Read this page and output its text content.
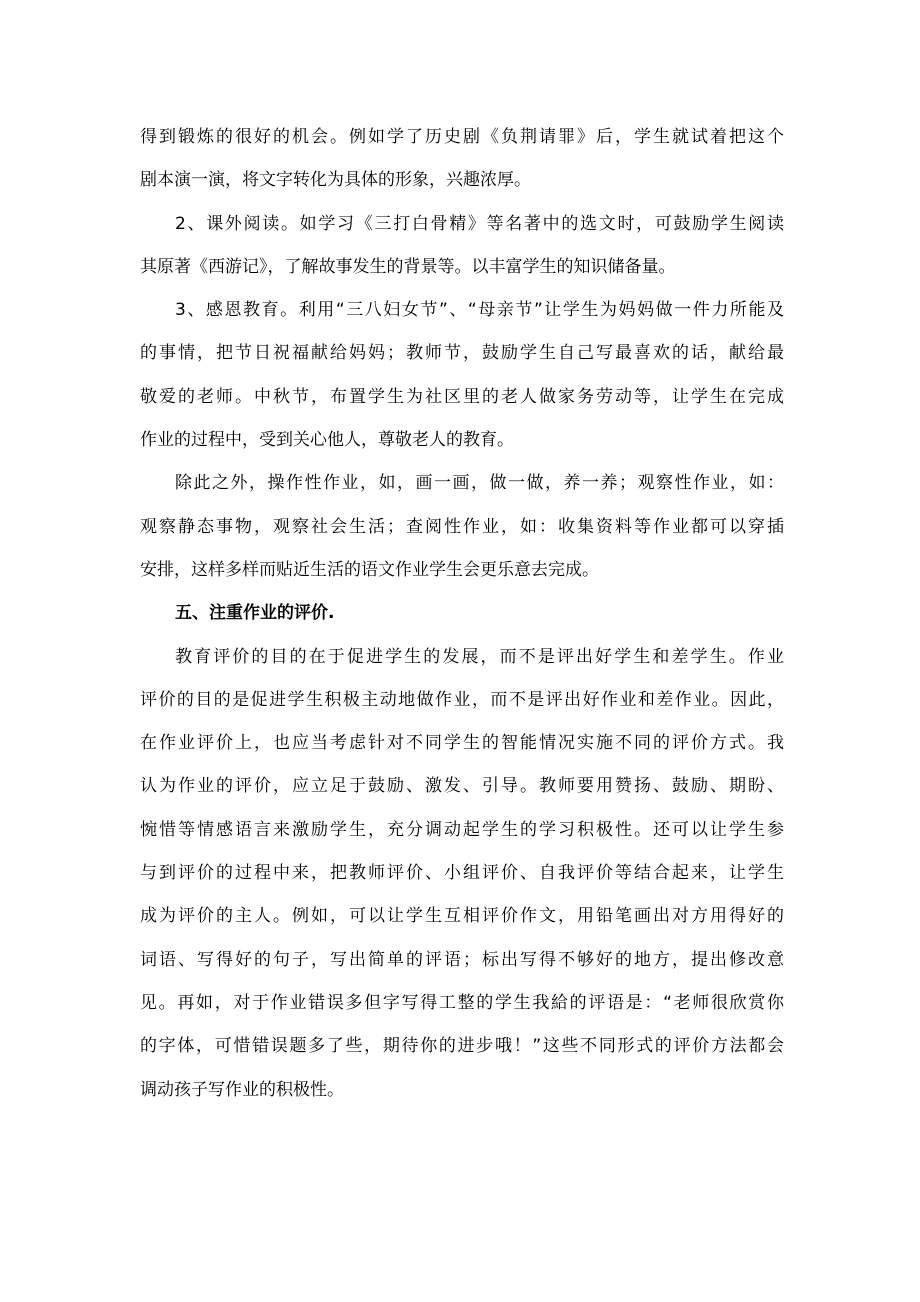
得到锻炼的很好的机会。例如学了历史剧《负荆请罪》后，学生就试着把这个
剧本演一演，将文字转化为具体的形象，兴趣浓厚。
2、课外阅读。如学习《三打白骨精》等名著中的选文时，可鼓励学生阅读
其原著《西游记》，了解故事发生的背景等。以丰富学生的知识储备量。
3、感恩教育。利用“三八妇女节”、“母亲节”让学生为妈妈做一件力所能及
的事情，把节日祝福献给妈妈；教师节，鼓励学生自己写最喜欢的话，献给最
敬爱的老师。中秋节，布置学生为社区里的老人做家务劳动等，让学生在完成
作业的过程中，受到关心他人，尊敬老人的教育。
除此之外，操作性作业，如，画一画，做一做，养一养；观察性作业，如：
观察静态事物，观察社会生活；查阅性作业，如：收集资料等作业都可以穿插
安排，这样多样而贴近生活的语文作业学生会更乐意去完成。
五、注重作业的评价.
教育评价的目的在于促进学生的发展，而不是评出好学生和差学生。作业
评价的目的是促进学生积极主动地做作业，而不是评出好作业和差作业。因此，
在作业评价上，也应当考虑针对不同学生的智能情况实施不同的评价方式。我
认为作业的评价，应立足于鼓励、激发、引导。教师要用赞扬、鼓励、期盼、
惋惜等情感语言来激励学生，充分调动起学生的学习积极性。还可以让学生参
与到评价的过程中来，把教师评价、小组评价、自我评价等结合起来，让学生
成为评价的主人。例如，可以让学生互相评价作文，用铅笔画出对方用得好的
词语、写得好的句子，写出简单的评语；标出写得不够好的地方，提出修改意
见。再如，对于作业错误多但字写得工整的学生我給的评语是：“老师很欣赏你
的字体，可惜错误题多了些，期待你的进步哦！”这些不同形式的评价方法都会
调动孩子写作业的积极性。
